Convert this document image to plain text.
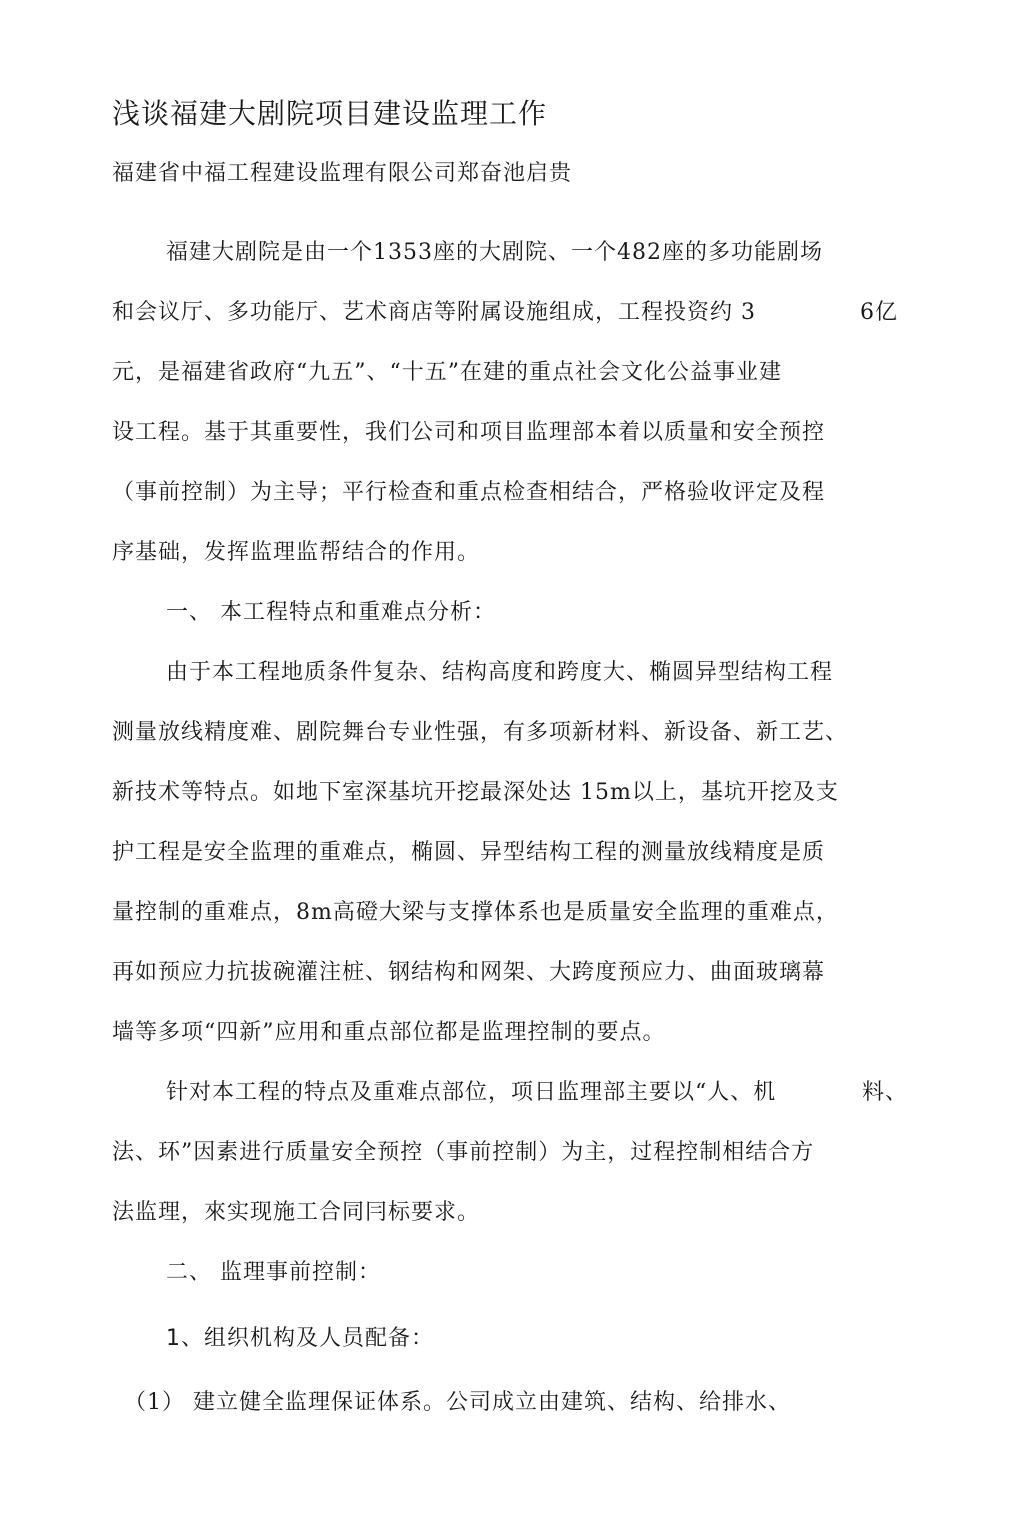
浅谈福建大剧院项目建设监理工作
福建省中福工程建设监理有限公司郑奋池启贵
福建大剧院是由一个1353座的大剧院、一个482座的多功能剧场
和会议厅、多功能厅、艺术商店等附属设施组成，工程投资约 3	6亿
元，是福建省政府“九五”、“十五”在建的重点社会文化公益事业建
设工程。基于其重要性，我们公司和项目监理部本着以质量和安全预控
（事前控制）为主导；平行检查和重点检查相结合，严格验收评定及程
序基础，发挥监理监帮结合的作用。
一、 本工程特点和重难点分析：
由于本工程地质条件复杂、结构高度和跨度大、椭圆异型结构工程
测量放线精度难、剧院舞台专业性强，有多项新材料、新设备、新工艺、
新技术等特点。如地下室深基坑开挖最深处达 15m以上，基坑开挖及支
护工程是安全监理的重难点，椭圆、异型结构工程的测量放线精度是质
量控制的重难点，8m高磴大梁与支撑体系也是质量安全监理的重难点，
再如预应力抗拔碗灌注桩、钢结构和网架、大跨度预应力、曲面玻璃幕
墙等多项“四新”应用和重点部位都是监理控制的要点。
针对本工程的特点及重难点部位，项日监理部主要以“人、机	料、
法、环”因素进行质量安全预控（事前控制）为主，过程控制相结合方
法监理，來实现施工合同冃标要求。
二、 监理事前控制：
1、组织机构及人员配备：
（1） 建立健全监理保证体系。公司成立由建筑、结构、给排水、
